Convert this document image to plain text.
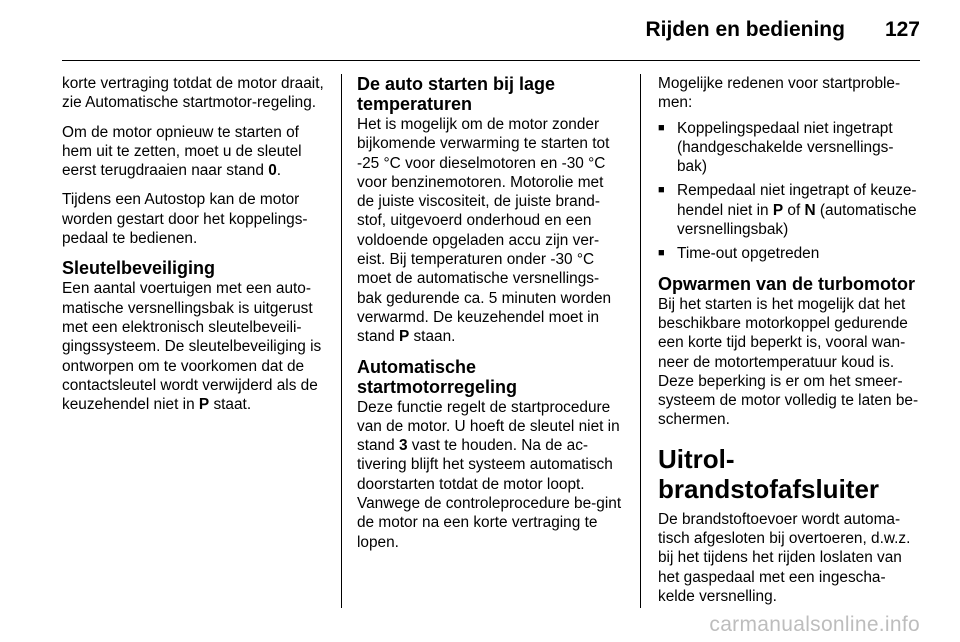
Rijden en bediening 127

korte vertraging totdat de motor draait, zie Automatische startmotor-regeling.

Om de motor opnieuw te starten of hem uit te zetten, moet u de sleutel eerst terugdraaien naar stand 0.

Tijdens een Autostop kan de motor worden gestart door het koppelings-pedaal te bedienen.

Sleutelbeveiliging

Een aantal voertuigen met een auto-matische versnellingsbak is uitgerust met een elektronisch sleutelbeveili-gingssysteem. De sleutelbeveiliging is ontworpen om te voorkomen dat de contactsleutel wordt verwijderd als de keuzehendel niet in P staat.

De auto starten bij lage temperaturen

Het is mogelijk om de motor zonder bijkomende verwarming te starten tot -25 °C voor dieselmotoren en -30 °C voor benzinemotoren. Motorolie met de juiste viscositeit, de juiste brand-stof, uitgevoerd onderhoud en een voldoende opgeladen accu zijn ver-eist. Bij temperaturen onder -30 °C moet de automatische versnellings-bak gedurende ca. 5 minuten worden verwarmd. De keuzehendel moet in stand P staan.

Automatische startmotorregeling

Deze functie regelt de startprocedure van de motor. U hoeft de sleutel niet in stand 3 vast te houden. Na de ac-tivering blijft het systeem automatisch doorstarten totdat de motor loopt. Vanwege de controleprocedure be-gint de motor na een korte vertraging te lopen.

Mogelijke redenen voor startproble-men:

■ Koppelingspedaal niet ingetrapt (handgeschakelde versnellings-bak)
■ Rempedaal niet ingetrapt of keuze-hendel niet in P of N (automatische versnellingsbak)
■ Time-out opgetreden
Opwarmen van de turbomotor

Bij het starten is het mogelijk dat het beschikbare motorkoppel gedurende een korte tijd beperkt is, vooral wan-neer de motortemperatuur koud is. Deze beperking is er om het smeer-systeem de motor volledig te laten be-schermen.

Uitrol-brandstofafsluiter

De brandstoftoevoer wordt automa-tisch afgesloten bij overtoeren, d.w.z. bij het tijdens het rijden loslaten van het gaspedaal met een ingescha-kelde versnelling.

carmanualsonline.info
